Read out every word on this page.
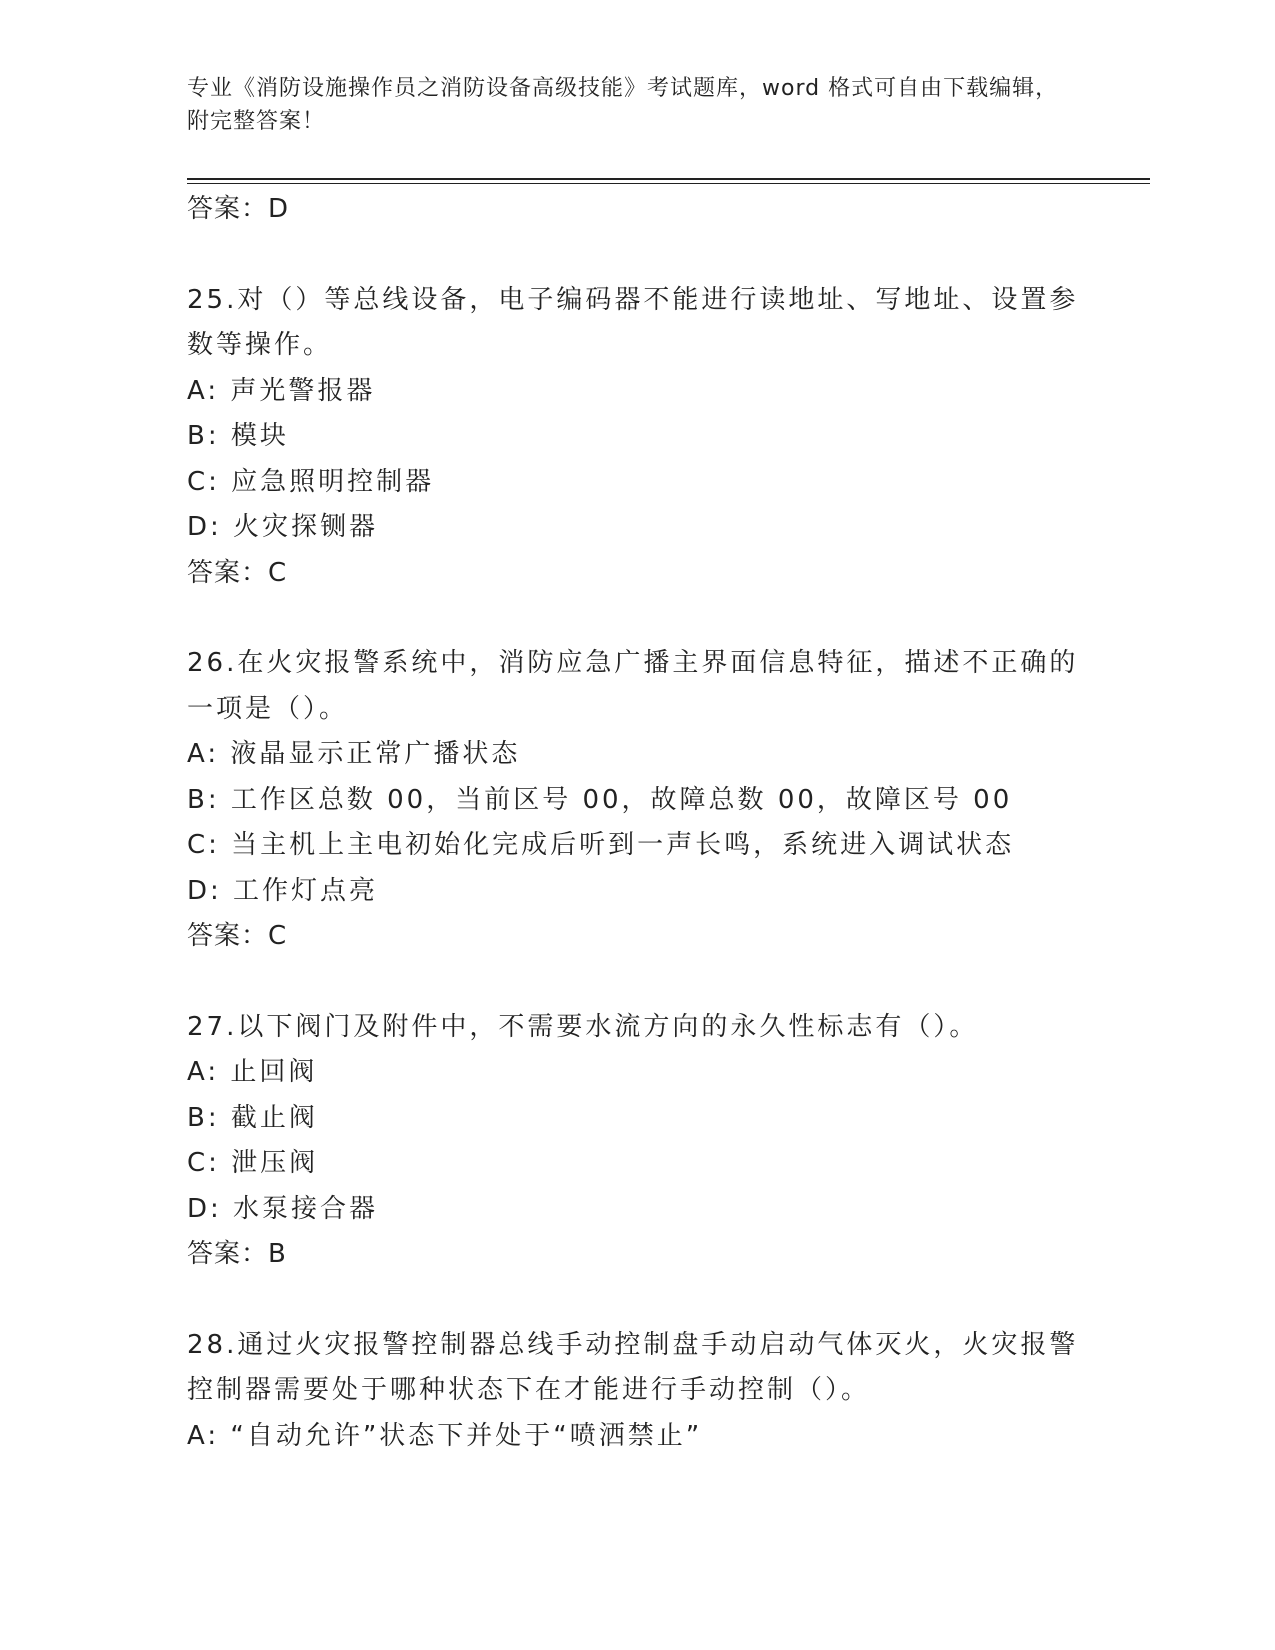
专业《消防设施操作员之消防设备高级技能》考试题库，word 格式可自由下载编辑，附完整答案！
答案：D
25.对（）等总线设备，电子编码器不能进行读地址、写地址、设置参
数等操作。
A: 声光警报器
B: 模块
C: 应急照明控制器
D: 火灾探铡器
答案：C
26.在火灾报警系统中，消防应急广播主界面信息特征，描述不正确的
一项是（）。
A: 液晶显示正常广播状态
B: 工作区总数 00，当前区号 00，故障总数 00，故障区号 00
C: 当主机上主电初始化完成后听到一声长鸣，系统进入调试状态
D: 工作灯点亮
答案：C
27.以下阀门及附件中，不需要水流方向的永久性标志有（）。
A: 止回阀
B: 截止阀
C: 泄压阀
D: 水泵接合器
答案：B
28.通过火灾报警控制器总线手动控制盘手动启动气体灭火，火灾报警
控制器需要处于哪种状态下在才能进行手动控制（）。
A: “自动允许”状态下并处于“喷洒禁止”
